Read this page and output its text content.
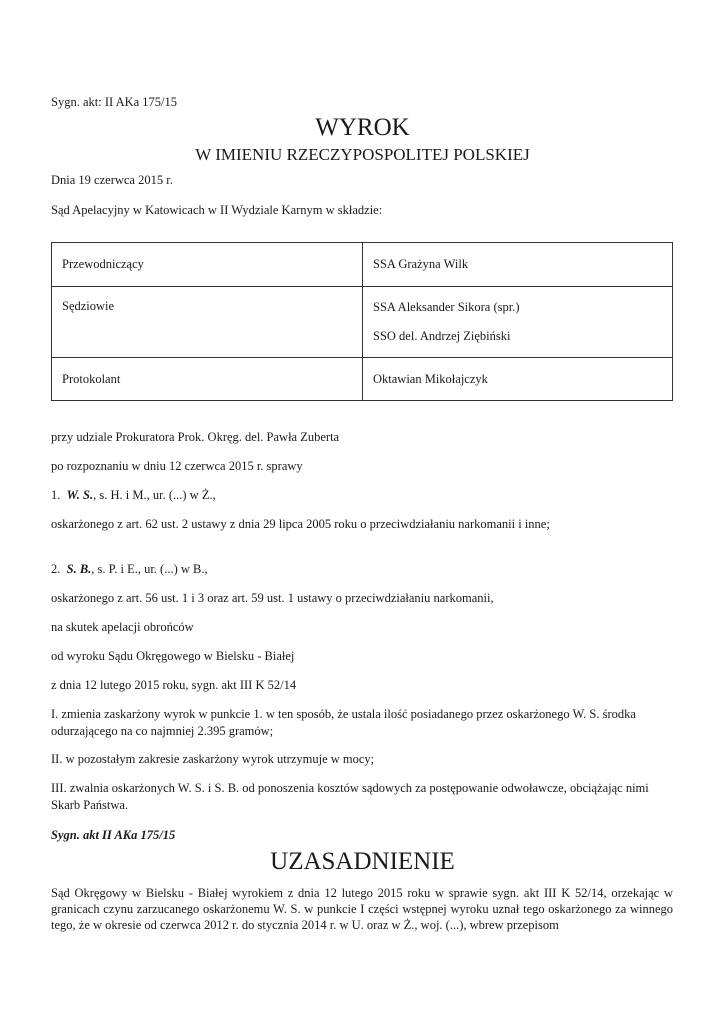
Sygn. akt: II AKa 175/15
WYROK
W IMIENIU RZECZYPOSPOLITEJ POLSKIEJ
Dnia 19 czerwca 2015 r.
Sąd Apelacyjny w Katowicach w II Wydziale Karnym w składzie:
Przewodniczący	SSA Grażyna Wilk
Sędziowie	SSA Aleksander Sikora (spr.)
SSO del. Andrzej Ziębiński

Protokolant	Oktawian Mikołajczyk
przy udziale Prokuratora Prok. Okręg. del. Pawła Zuberta
po rozpoznaniu w dniu 12 czerwca 2015 r. sprawy
1. W. S., s. H. i M., ur. (...) w Ż.,
oskarżonego z art. 62 ust. 2 ustawy z dnia 29 lipca 2005 roku o przeciwdziałaniu narkomanii i inne;
2. S. B., s. P. i E., ur. (...) w B.,
oskarżonego z art. 56 ust. 1 i 3 oraz art. 59 ust. 1 ustawy o przeciwdziałaniu narkomanii,
na skutek apelacji obrońców
od wyroku Sądu Okręgowego w Bielsku - Białej
z dnia 12 lutego 2015 roku, sygn. akt III K 52/14
I. zmienia zaskarżony wyrok w punkcie 1. w ten sposób, że ustala ilość posiadanego przez oskarżonego W. S. środka odurzającego na co najmniej 2.395 gramów;
II. w pozostałym zakresie zaskarżony wyrok utrzymuje w mocy;
III. zwalnia oskarżonych W. S. i S. B. od ponoszenia kosztów sądowych za postępowanie odwoławcze, obciążając nimi Skarb Państwa.
Sygn. akt II AKa 175/15
UZASADNIENIE
Sąd Okręgowy w Bielsku - Białej wyrokiem z dnia 12 lutego 2015 roku w sprawie sygn. akt III K 52/14, orzekając w granicach czynu zarzucanego oskarżonemu W. S. w punkcie I części wstępnej wyroku uznał tego oskarżonego za winnego tego, że w okresie od czerwca 2012 r. do stycznia 2014 r. w U. oraz w Ż., woj. (...), wbrew przepisom
